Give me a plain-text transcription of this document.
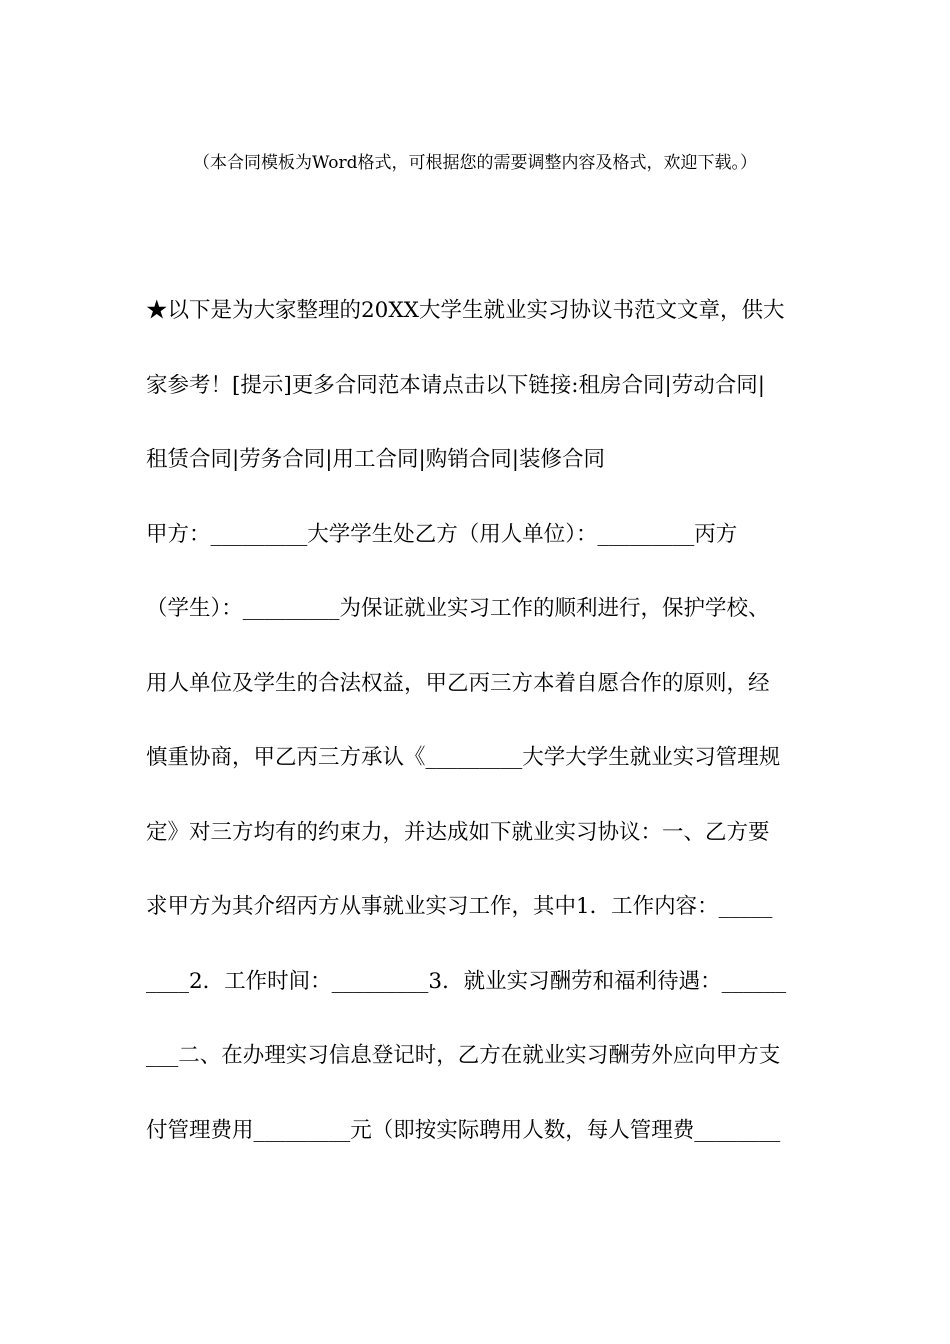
（本合同模板为Word格式，可根据您的需要调整内容及格式，欢迎下载。）
★以下是为大家整理的20XX大学生就业实习协议书范文文章，供大
家参考！[提示]更多合同范本请点击以下链接:租房合同|劳动合同|
租赁合同|劳务合同|用工合同|购销合同|装修合同
甲方：_________大学学生处乙方（用人单位）：_________丙方
（学生）：_________为保证就业实习工作的顺利进行，保护学校、
用人单位及学生的合法权益，甲乙丙三方本着自愿合作的原则，经
慎重协商，甲乙丙三方承认《_________大学大学生就业实习管理规
定》对三方均有的约束力，并达成如下就业实习协议：一、乙方要
求甲方为其介绍丙方从事就业实习工作，其中1．工作内容：_____
____2．工作时间：_________3．就业实习酬劳和福利待遇：______
___二、在办理实习信息登记时，乙方在就业实习酬劳外应向甲方支
付管理费用_________元（即按实际聘用人数，每人管理费________
